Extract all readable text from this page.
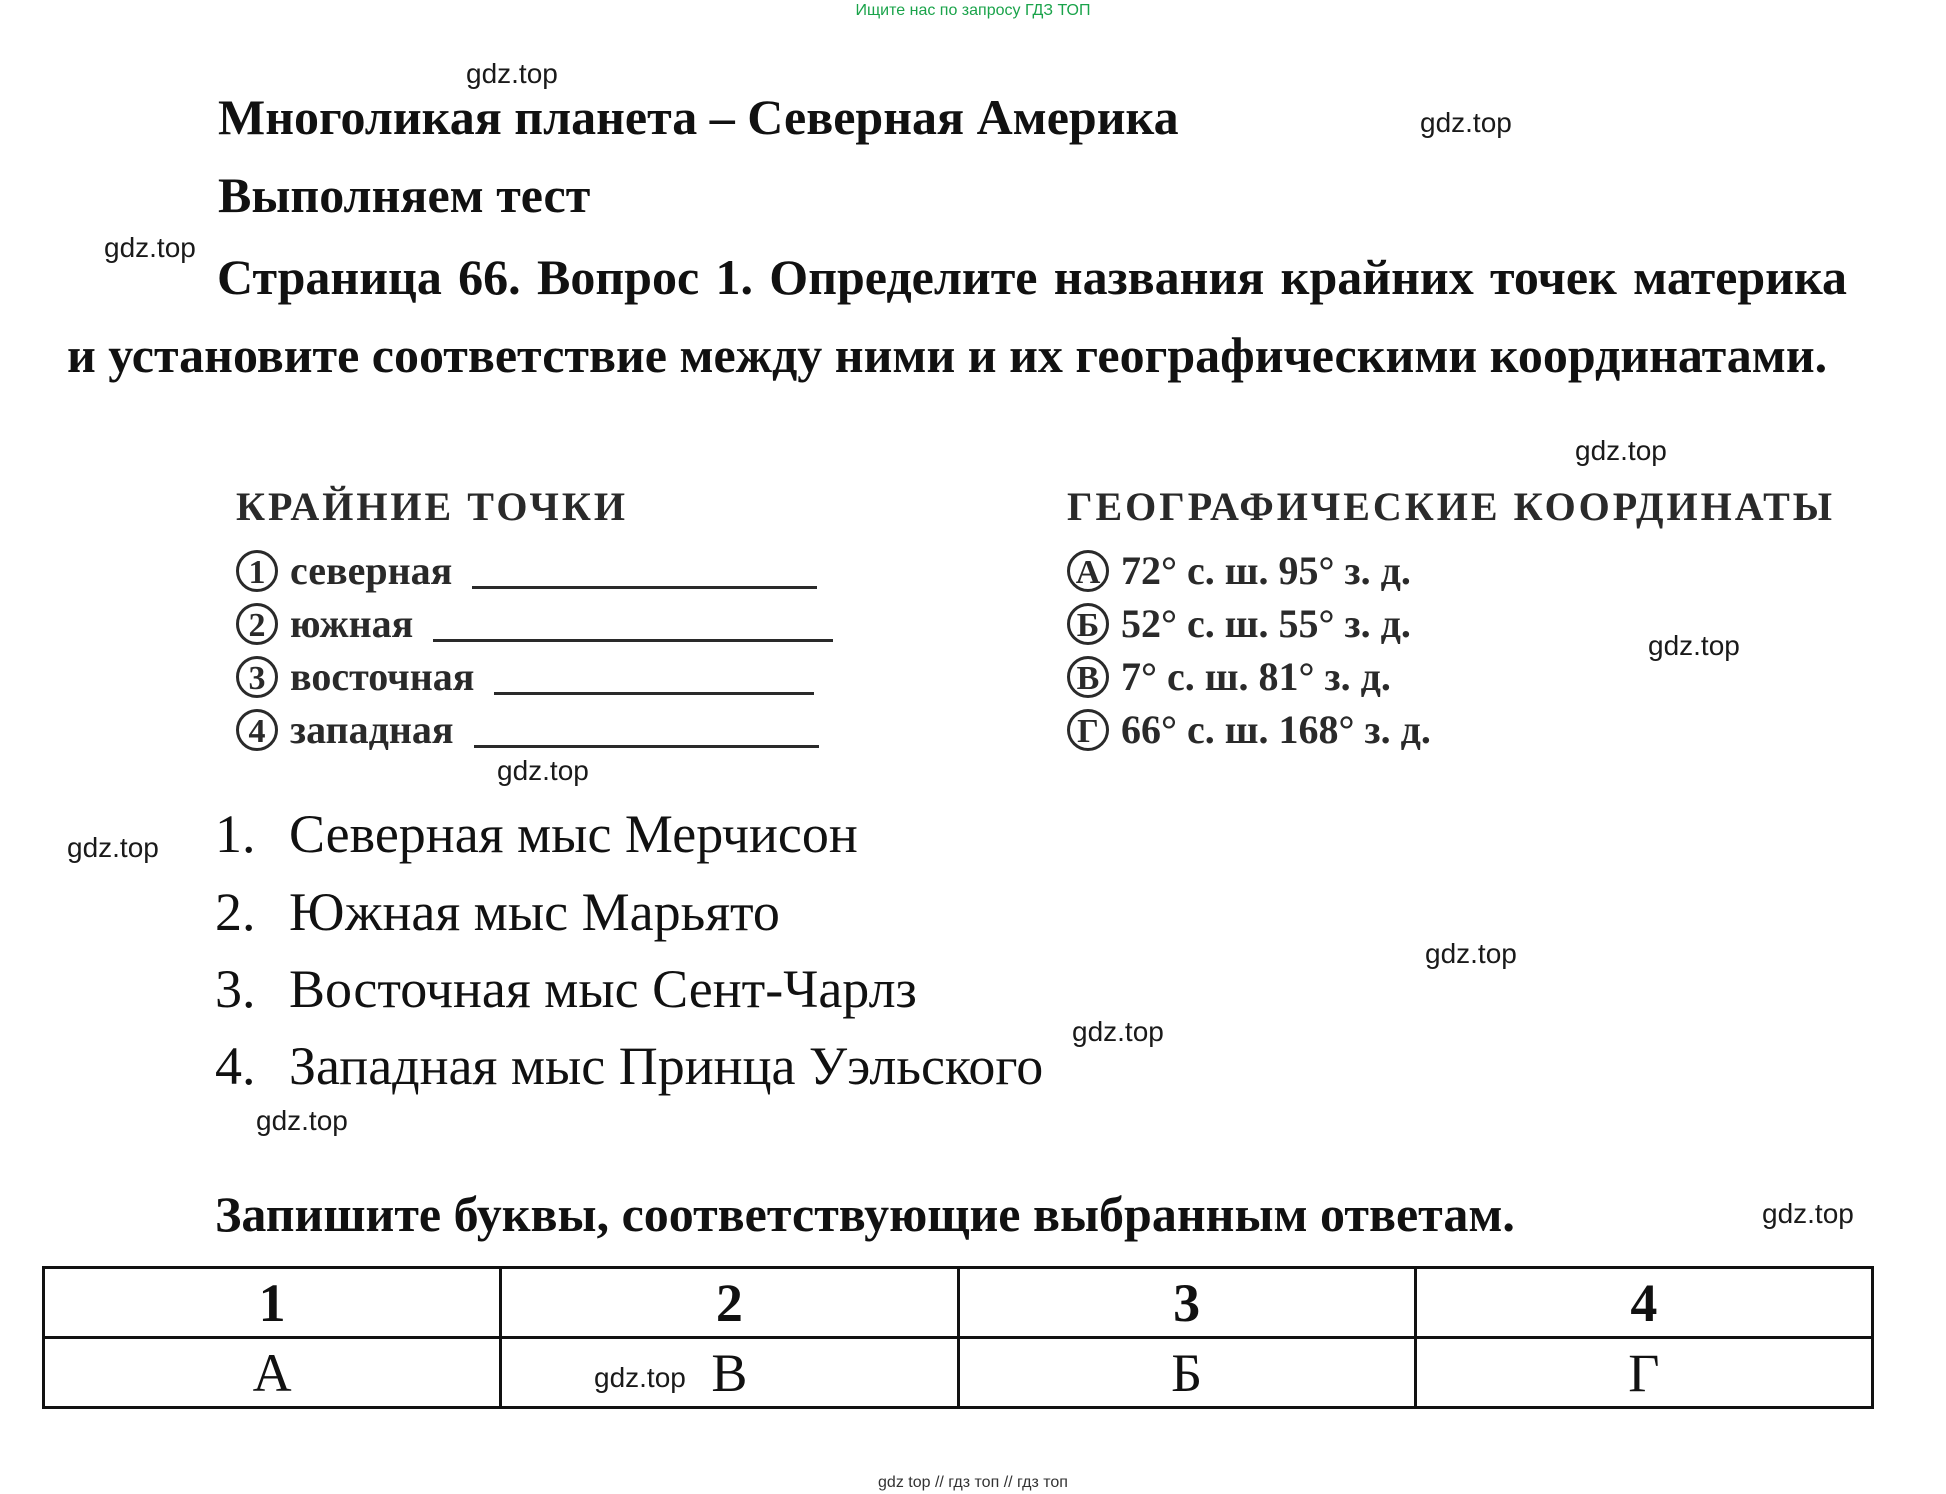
Ищите нас по запросу ГДЗ ТОП
gdz.top
gdz.top
gdz.top
gdz.top
gdz.top
gdz.top
gdz.top
gdz.top
gdz.top
gdz.top
gdz.top
gdz.top
Многоликая планета – Северная Америка
Выполняем тест
Страница 66. Вопрос 1. Определите названия крайних точек материка и установите соответствие между ними и их географическими координатами.
КРАЙНИЕ ТОЧКИ
1 северная
2 южная
3 восточная
4 западная
ГЕОГРАФИЧЕСКИЕ КООРДИНАТЫ
А 72° с. ш. 95° з. д.
Б 52° с. ш. 55° з. д.
В 7° с. ш. 81° з. д.
Г 66° с. ш. 168° з. д.
1. Северная мыс Мерчисон
2. Южная мыс Марьято
3. Восточная мыс Сент-Чарлз
4. Западная мыс Принца Уэльского
Запишите буквы, соответствующие выбранным ответам.
1	2	3	4
А	В	Б	Г
gdz top // гдз топ // гдз топ
